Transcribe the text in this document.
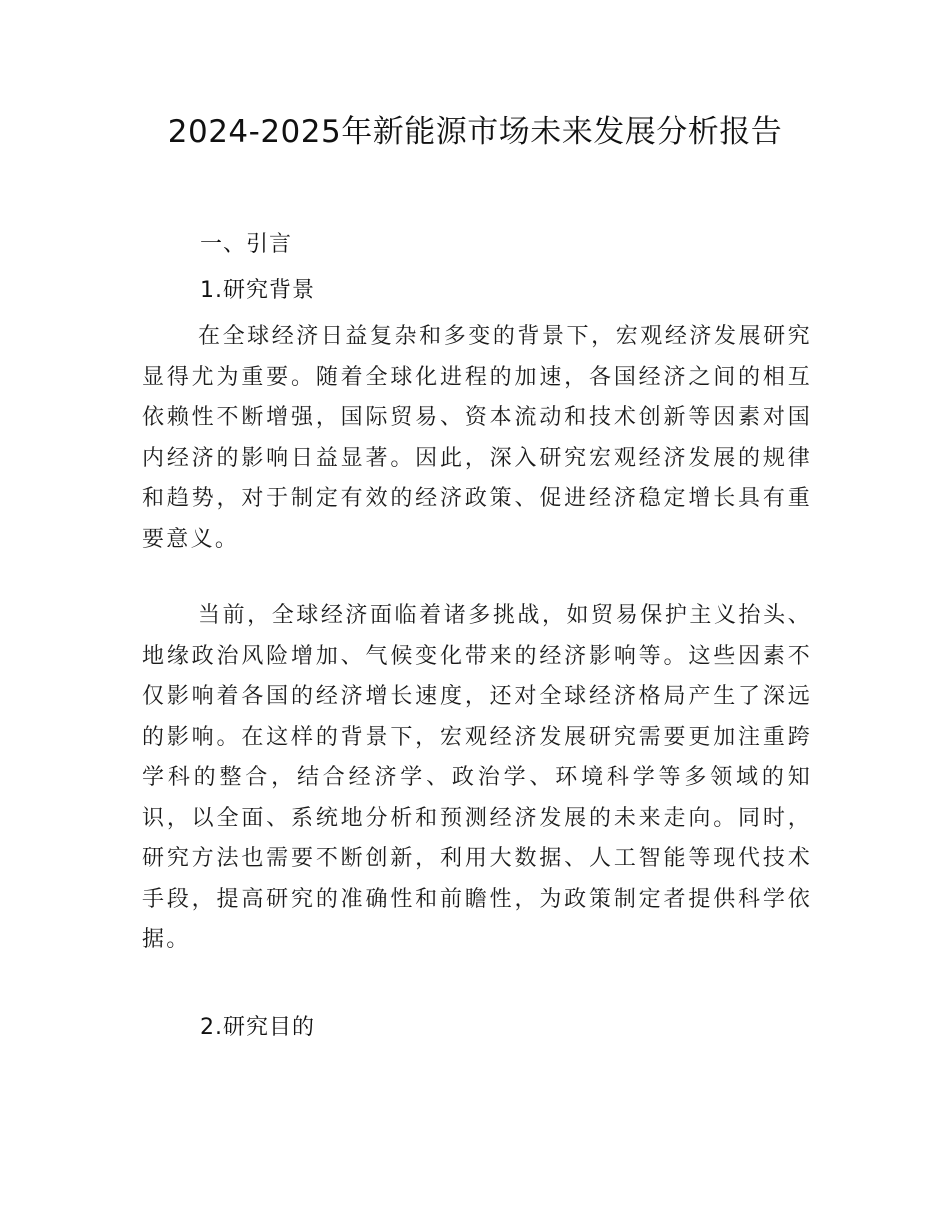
2024-2025年新能源市场未来发展分析报告
一、引言
1.研究背景

在全球经济日益复杂和多变的背景下，宏观经济发展研究显得尤为重要。随着全球化进程的加速，各国经济之间的相互依赖性不断增强，国际贸易、资本流动和技术创新等因素对国内经济的影响日益显著。因此，深入研究宏观经济发展的规律和趋势，对于制定有效的经济政策、促进经济稳定增长具有重要意义。

当前，全球经济面临着诸多挑战，如贸易保护主义抬头、地缘政治风险增加、气候变化带来的经济影响等。这些因素不仅影响着各国的经济增长速度，还对全球经济格局产生了深远的影响。在这样的背景下，宏观经济发展研究需要更加注重跨学科的整合，结合经济学、政治学、环境科学等多领域的知识，以全面、系统地分析和预测经济发展的未来走向。同时，研究方法也需要不断创新，利用大数据、人工智能等现代技术手段，提高研究的准确性和前瞻性，为政策制定者提供科学依据。

2.研究目的
